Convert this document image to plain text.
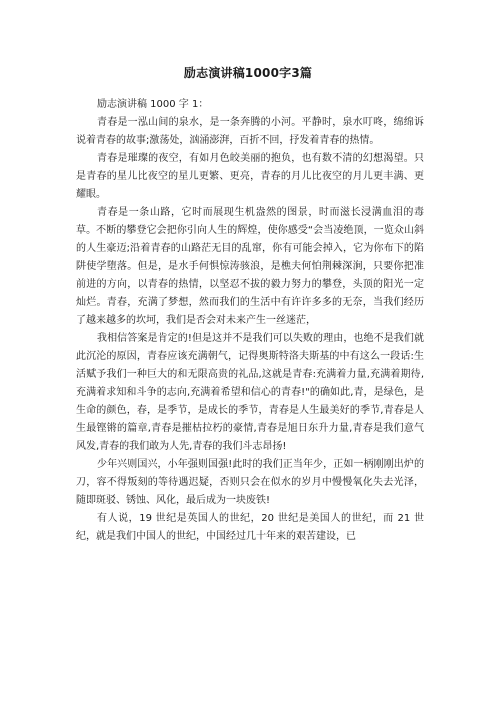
励志演讲稿1000字3篇

励志演讲稿 1000 字 1：

青春是一泓山间的泉水，是一条奔腾的小河。平静时，泉水叮咚，绵绵诉说着青春的故事;激荡处，汹涌澎湃，百折不回，抒发着青春的热情。

青春是璀璨的夜空，有如月色皎美丽的抱负，也有数不清的幻想渴望。只是青春的星儿比夜空的星儿更繁、更亮，青春的月儿比夜空的月儿更丰满、更耀眼。

青春是一条山路，它时而展现生机盎然的图景，时而滋长浸满血泪的毒草。不断的攀登它会把你引向人生的辉煌，使你感受“会当凌绝顶，一览众山斜的人生豪迈;沿着青春的山路茫无目的乱窜，你有可能会掉入，它为你布下的陷阱使学堕落。但是，是水手何惧惊涛骇浪，是樵夫何怕荆棘深涧，只要你把准前进的方向，以青春的热情，以坚忍不拔的毅力努力的攀登，头顶的阳光一定灿烂。青春，充满了梦想，然而我们的生活中有许许多多的无奈，当我们经历了越来越多的坎坷，我们是否会对未来产生一丝迷茫，

我相信答案是肯定的!但是这并不是我们可以失败的理由，也绝不是我们就此沉沦的原因，青春应该充满朝气，记得奥斯特洛夫斯基的中有这么一段话:生活赋予我们一种巨大的和无限高贵的礼品,这就是青春:充满着力量,充满着期待,充满着求知和斗争的志向,充满着希望和信心的青春!"的确如此,青，是绿色，是生命的颜色，春，是季节，是成长的季节，青春是人生最美好的季节,青春是人生最铿锵的篇章,青春是摧枯拉朽的豪情,青春是旭日东升力量,青春是我们意气风发,青春的我们敢为人先,青春的我们斗志昂扬!

少年兴则国兴，小年强则国强!此时的我们正当年少，正如一柄刚刚出炉的刀，容不得叛刻的等待遇迟疑，否则只会在似水的岁月中慢慢氧化失去光泽，随即斑驳、锈蚀、风化，最后成为一块废铁!

有人说，19 世纪是英国人的世纪，20 世纪是美国人的世纪，而 21 世纪，就是我们中国人的世纪，中国经过几十年来的艰苦建设，已
